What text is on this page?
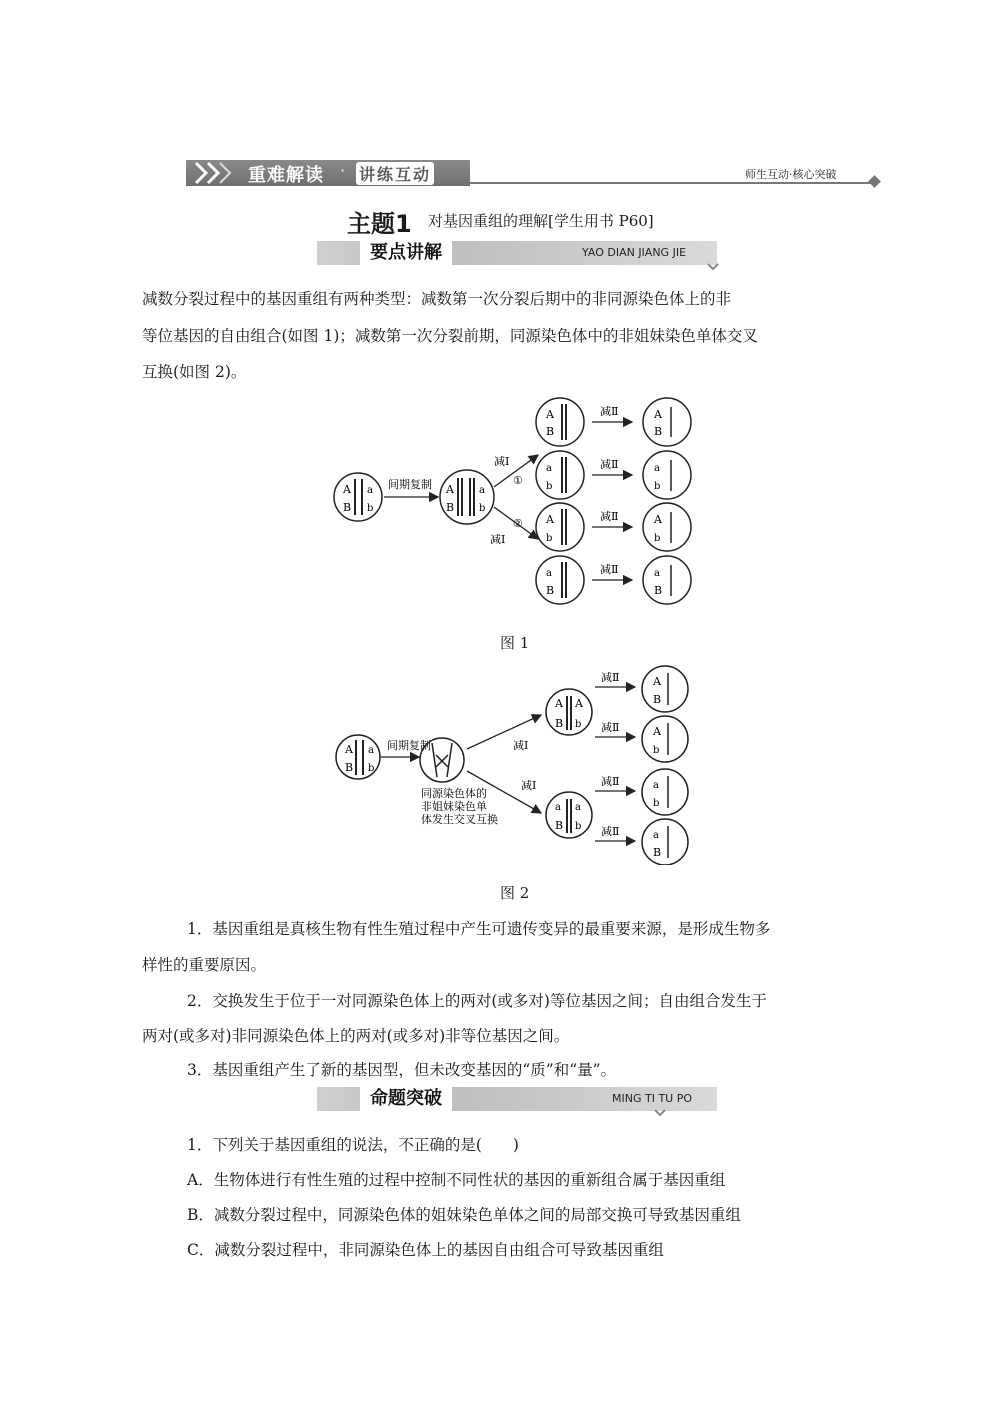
重难解读 · 讲练互动	师生互动·核心突破
主题1 对基因重组的理解[学生用书 P60]
要点讲解	YAO DIAN JIANG JIE
减数分裂过程中的基因重组有两种类型：减数第一次分裂后期中的非同源染色体上的非
等位基因的自由组合(如图 1)；减数第一次分裂前期，同源染色体中的非姐妹染色单体交叉
互换(如图 2)。
A a
B b
间期复制 A	a
B b
减Ⅰ
①
②
减Ⅰ
A
B
a
b
A
b
a
B
减Ⅱ
减Ⅱ
减Ⅱ
减Ⅱ
A
B
a
b
A
b
a
B
图 1
A a
B b
间期复制
同源染色体的
非姐妹染色单
体发生交叉互换
减Ⅰ
减Ⅰ
A A
B b
a a
B b
减Ⅱ
减Ⅱ
减Ⅱ
减Ⅱ
A
B
A
b
a
b
a
B
图 2
1．基因重组是真核生物有性生殖过程中产生可遗传变异的最重要来源，是形成生物多
样性的重要原因。
2．交换发生于位于一对同源染色体上的两对(或多对)等位基因之间；自由组合发生于
两对(或多对)非同源染色体上的两对(或多对)非等位基因之间。
3．基因重组产生了新的基因型，但未改变基因的“质”和“量”。
命题突破	MING TI TU PO
1．下列关于基因重组的说法，不正确的是(　　)
A．生物体进行有性生殖的过程中控制不同性状的基因的重新组合属于基因重组
B．减数分裂过程中，同源染色体的姐妹染色单体之间的局部交换可导致基因重组
C．减数分裂过程中，非同源染色体上的基因自由组合可导致基因重组
